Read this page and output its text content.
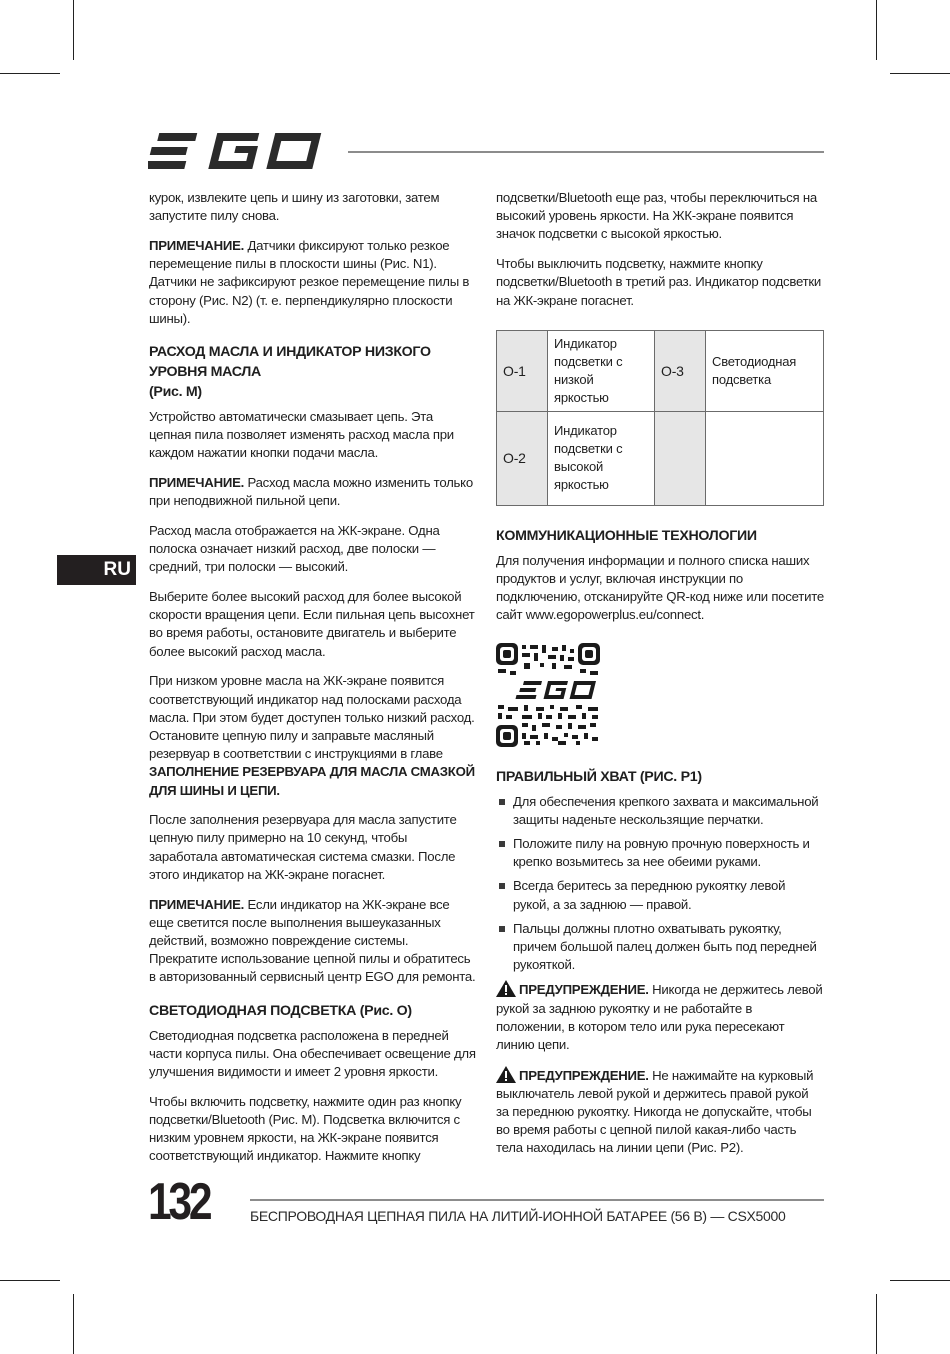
RU

курок, извлеките цепь и шину из заготовки, затем запустите пилу снова.

ПРИМЕЧАНИЕ. Датчики фиксируют только резкое перемещение пилы в плоскости шины (Рис. N1). Датчики не зафиксируют резкое перемещение пилы в сторону (Рис. N2) (т. е. перпендикулярно плоскости шины).

РАСХОД МАСЛА И ИНДИКАТОР НИЗКОГО УРОВНЯ МАСЛА
(Рис. M)

Устройство автоматически смазывает цепь. Эта цепная пила позволяет изменять расход масла при каждом нажатии кнопки подачи масла.

ПРИМЕЧАНИЕ. Расход масла можно изменить только при неподвижной пильной цепи.

Расход масла отображается на ЖК-экране. Одна полоска означает низкий расход, две полоски — средний, три полоски — высокий.

Выберите более высокий расход для более высокой скорости вращения цепи. Если пильная цепь высохнет во время работы, остановите двигатель и выберите более высокий расход масла.

При низком уровне масла на ЖК-экране появится соответствующий индикатор над полосками расхода масла. При этом будет доступен только низкий расход. Остановите цепную пилу и заправьте масляный резервуар в соответствии с инструкциями в главе ЗАПОЛНЕНИЕ РЕЗЕРВУАРА ДЛЯ МАСЛА СМАЗКОЙ ДЛЯ ШИНЫ И ЦЕПИ.

После заполнения резервуара для масла запустите цепную пилу примерно на 10 секунд, чтобы заработала автоматическая система смазки. После этого индикатор на ЖК-экране погаснет.

ПРИМЕЧАНИЕ. Если индикатор на ЖК-экране все еще светится после выполнения вышеуказанных действий, возможно повреждение системы. Прекратите использование цепной пилы и обратитесь в авторизованный сервисный центр EGO для ремонта.

СВЕТОДИОДНАЯ ПОДСВЕТКА (Рис. O)

Светодиодная подсветка расположена в передней части корпуса пилы. Она обеспечивает освещение для улучшения видимости и имеет 2 уровня яркости.

Чтобы включить подсветку, нажмите один раз кнопку подсветки/Bluetooth (Рис. M). Подсветка включится с низким уровнем яркости, на ЖК-экране появится соответствующий индикатор. Нажмите кнопку

подсветки/Bluetooth еще раз, чтобы переключиться на высокий уровень яркости. На ЖК-экране появится значок подсветки с высокой яркостью.

Чтобы выключить подсветку, нажмите кнопку подсветки/Bluetooth в третий раз. Индикатор подсветки на ЖК-экране погаснет.

O-1	Индикатор подсветки с низкой яркостью	O-3	Светодиодная подсветка
O-2	Индикатор подсветки с высокой яркостью		
КОММУНИКАЦИОННЫЕ ТЕХНОЛОГИИ

Для получения информации и полного списка наших продуктов и услуг, включая инструкции по подключению, отсканируйте QR-код ниже или посетите сайт www.egopowerplus.eu/connect.

ПРАВИЛЬНЫЙ ХВАТ (РИС. P1)
Для обеспечения крепкого захвата и максимальной защиты наденьте нескользящие перчатки.
Положите пилу на ровную прочную поверхность и крепко возьмитесь за нее обеими руками.
Всегда беритесь за переднюю рукоятку левой рукой, а за заднюю — правой.
Пальцы должны плотно охватывать рукоятку, причем большой палец должен быть под передней рукояткой.

ПРЕДУПРЕЖДЕНИЕ. Никогда не держитесь левой рукой за заднюю рукоятку и не работайте в положении, в котором тело или рука пересекают линию цепи.

ПРЕДУПРЕЖДЕНИЕ. Не нажимайте на курковый выключатель левой рукой и держитесь правой рукой за переднюю рукоятку. Никогда не допускайте, чтобы во время работы с цепной пилой какая-либо часть тела находилась на линии цепи (Рис. P2).

132	БЕСПРОВОДНАЯ ЦЕПНАЯ ПИЛА НА ЛИТИЙ-ИОННОЙ БАТАРЕЕ (56 В) — CSX5000
